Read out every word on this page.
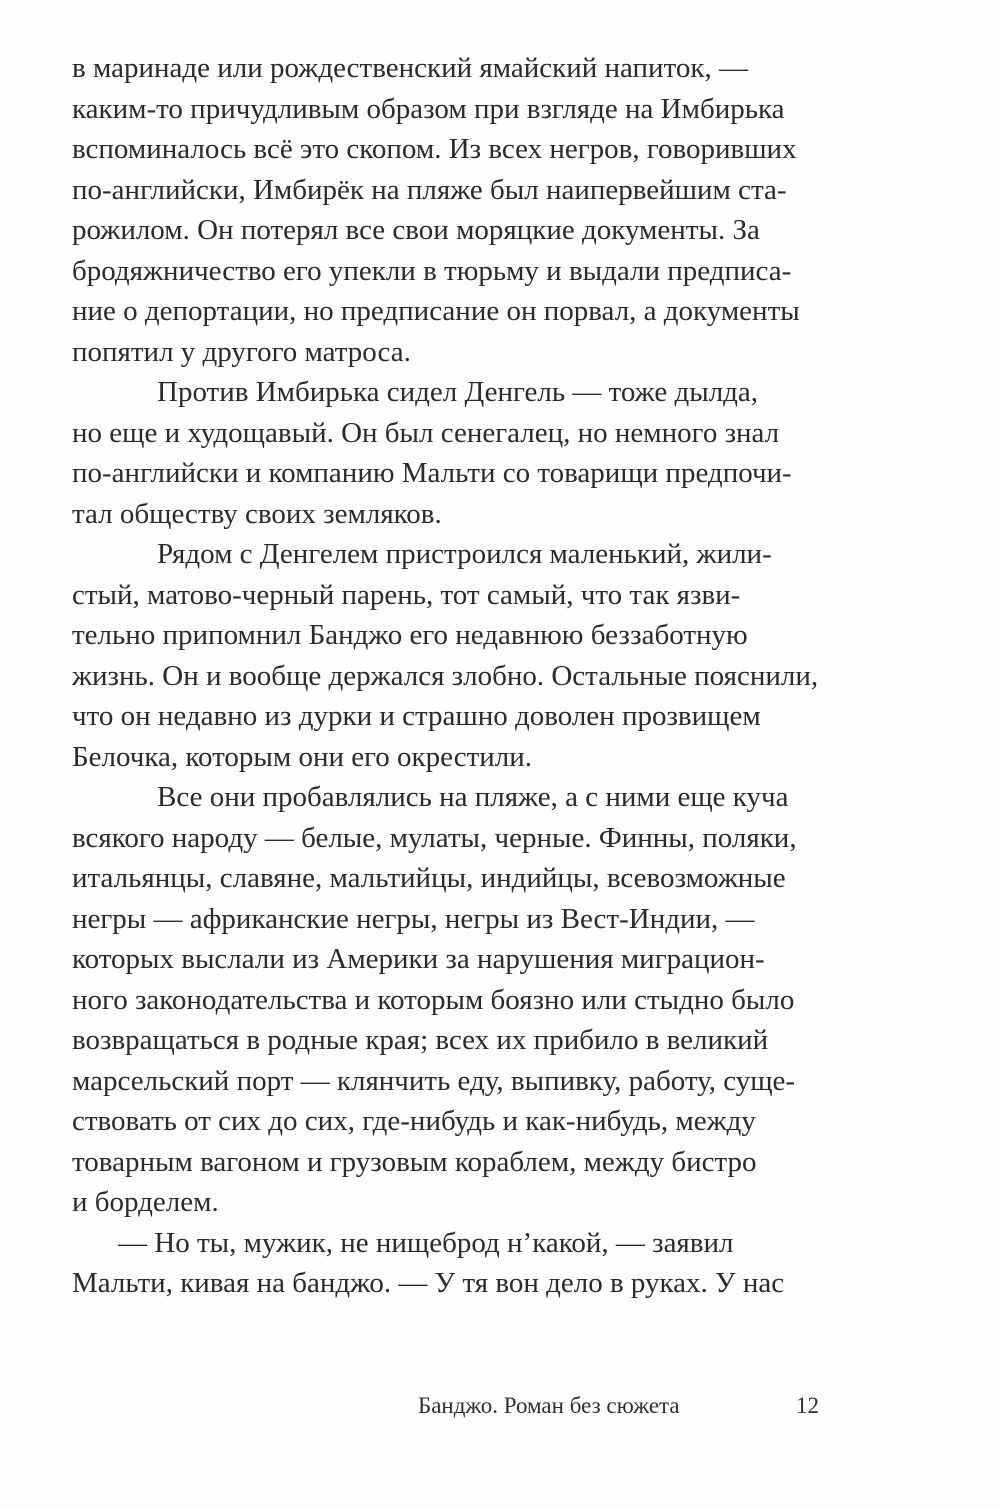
в маринаде или рождественский ямайский напиток, —
каким-то причудливым образом при взгляде на Имбирька
вспоминалось всё это скопом. Из всех негров, говоривших
по-английски, Имбирёк на пляже был наипервейшим ста-
рожилом. Он потерял все свои моряцкие документы. За
бродяжничество его упекли в тюрьму и выдали предписа-
ние о депортации, но предписание он порвал, а документы
попятил у другого матроса.
Против Имбирька сидел Денгель — тоже дылда,
но еще и худощавый. Он был сенегалец, но немного знал
по-английски и компанию Мальти со товарищи предпочи-
тал обществу своих земляков.
Рядом с Денгелем пристроился маленький, жили-
стый, матово-черный парень, тот самый, что так язви-
тельно припомнил Банджо его недавнюю беззаботную
жизнь. Он и вообще держался злобно. Остальные пояснили,
что он недавно из дурки и страшно доволен прозвищем
Белочка, которым они его окрестили.
Все они пробавлялись на пляже, а с ними еще куча
всякого народу — белые, мулаты, черные. Финны, поляки,
итальянцы, славяне, мальтийцы, индийцы, всевозможные
негры — африканские негры, негры из Вест-Индии, —
которых выслали из Америки за нарушения миграцион-
ного законодательства и которым боязно или стыдно было
возвращаться в родные края; всех их прибило в великий
марсельский порт — клянчить еду, выпивку, работу, суще-
ствовать от сих до сих, где-нибудь и как-нибудь, между
товарным вагоном и грузовым кораблем, между бистро
и борделем.
— Но ты, мужик, не нищеброд н’какой, — заявил
Мальти, кивая на банджо. — У тя вон дело в руках. У нас
Банджо. Роман без сюжета	12
